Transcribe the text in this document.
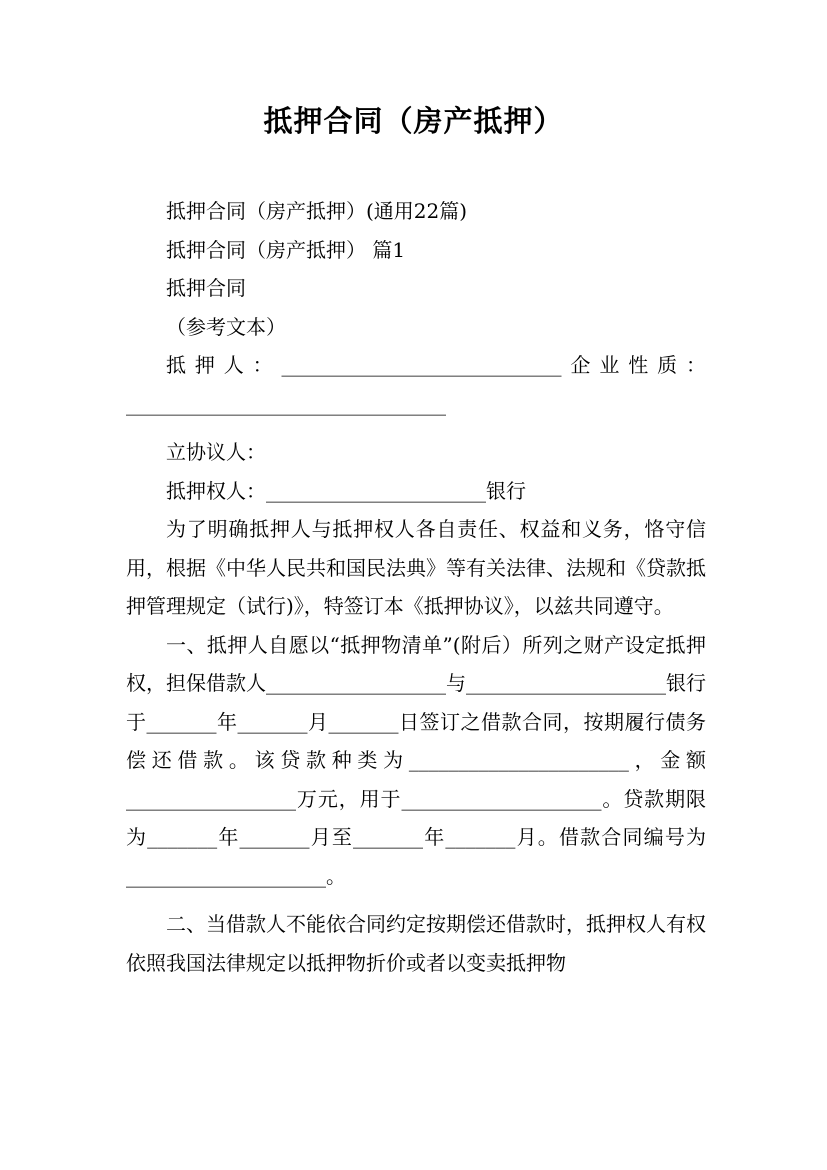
抵押合同（房产抵押）

抵押合同（房产抵押）(通用22篇)

抵押合同（房产抵押） 篇1

抵押合同

（参考文本）

抵押人：____________________________企业性质：________________________________

立协议人：

抵押权人：______________________银行

为了明确抵押人与抵押权人各自责任、权益和义务，恪守信用，根据《中华人民共和国民法典》等有关法律、法规和《贷款抵押管理规定（试行)》，特签订本《抵押协议》，以兹共同遵守。

一、抵押人自愿以“抵押物清单”(附后）所列之财产设定抵押权，担保借款人__________________与____________________银行于_______年_______月_______日签订之借款合同，按期履行债务偿还借款。该贷款种类为______________________，金额_________________万元，用于____________________。贷款期限为_______年_______月至_______年_______月。借款合同编号为____________________。

二、当借款人不能依合同约定按期偿还借款时，抵押权人有权依照我国法律规定以抵押物折价或者以变卖抵押物
